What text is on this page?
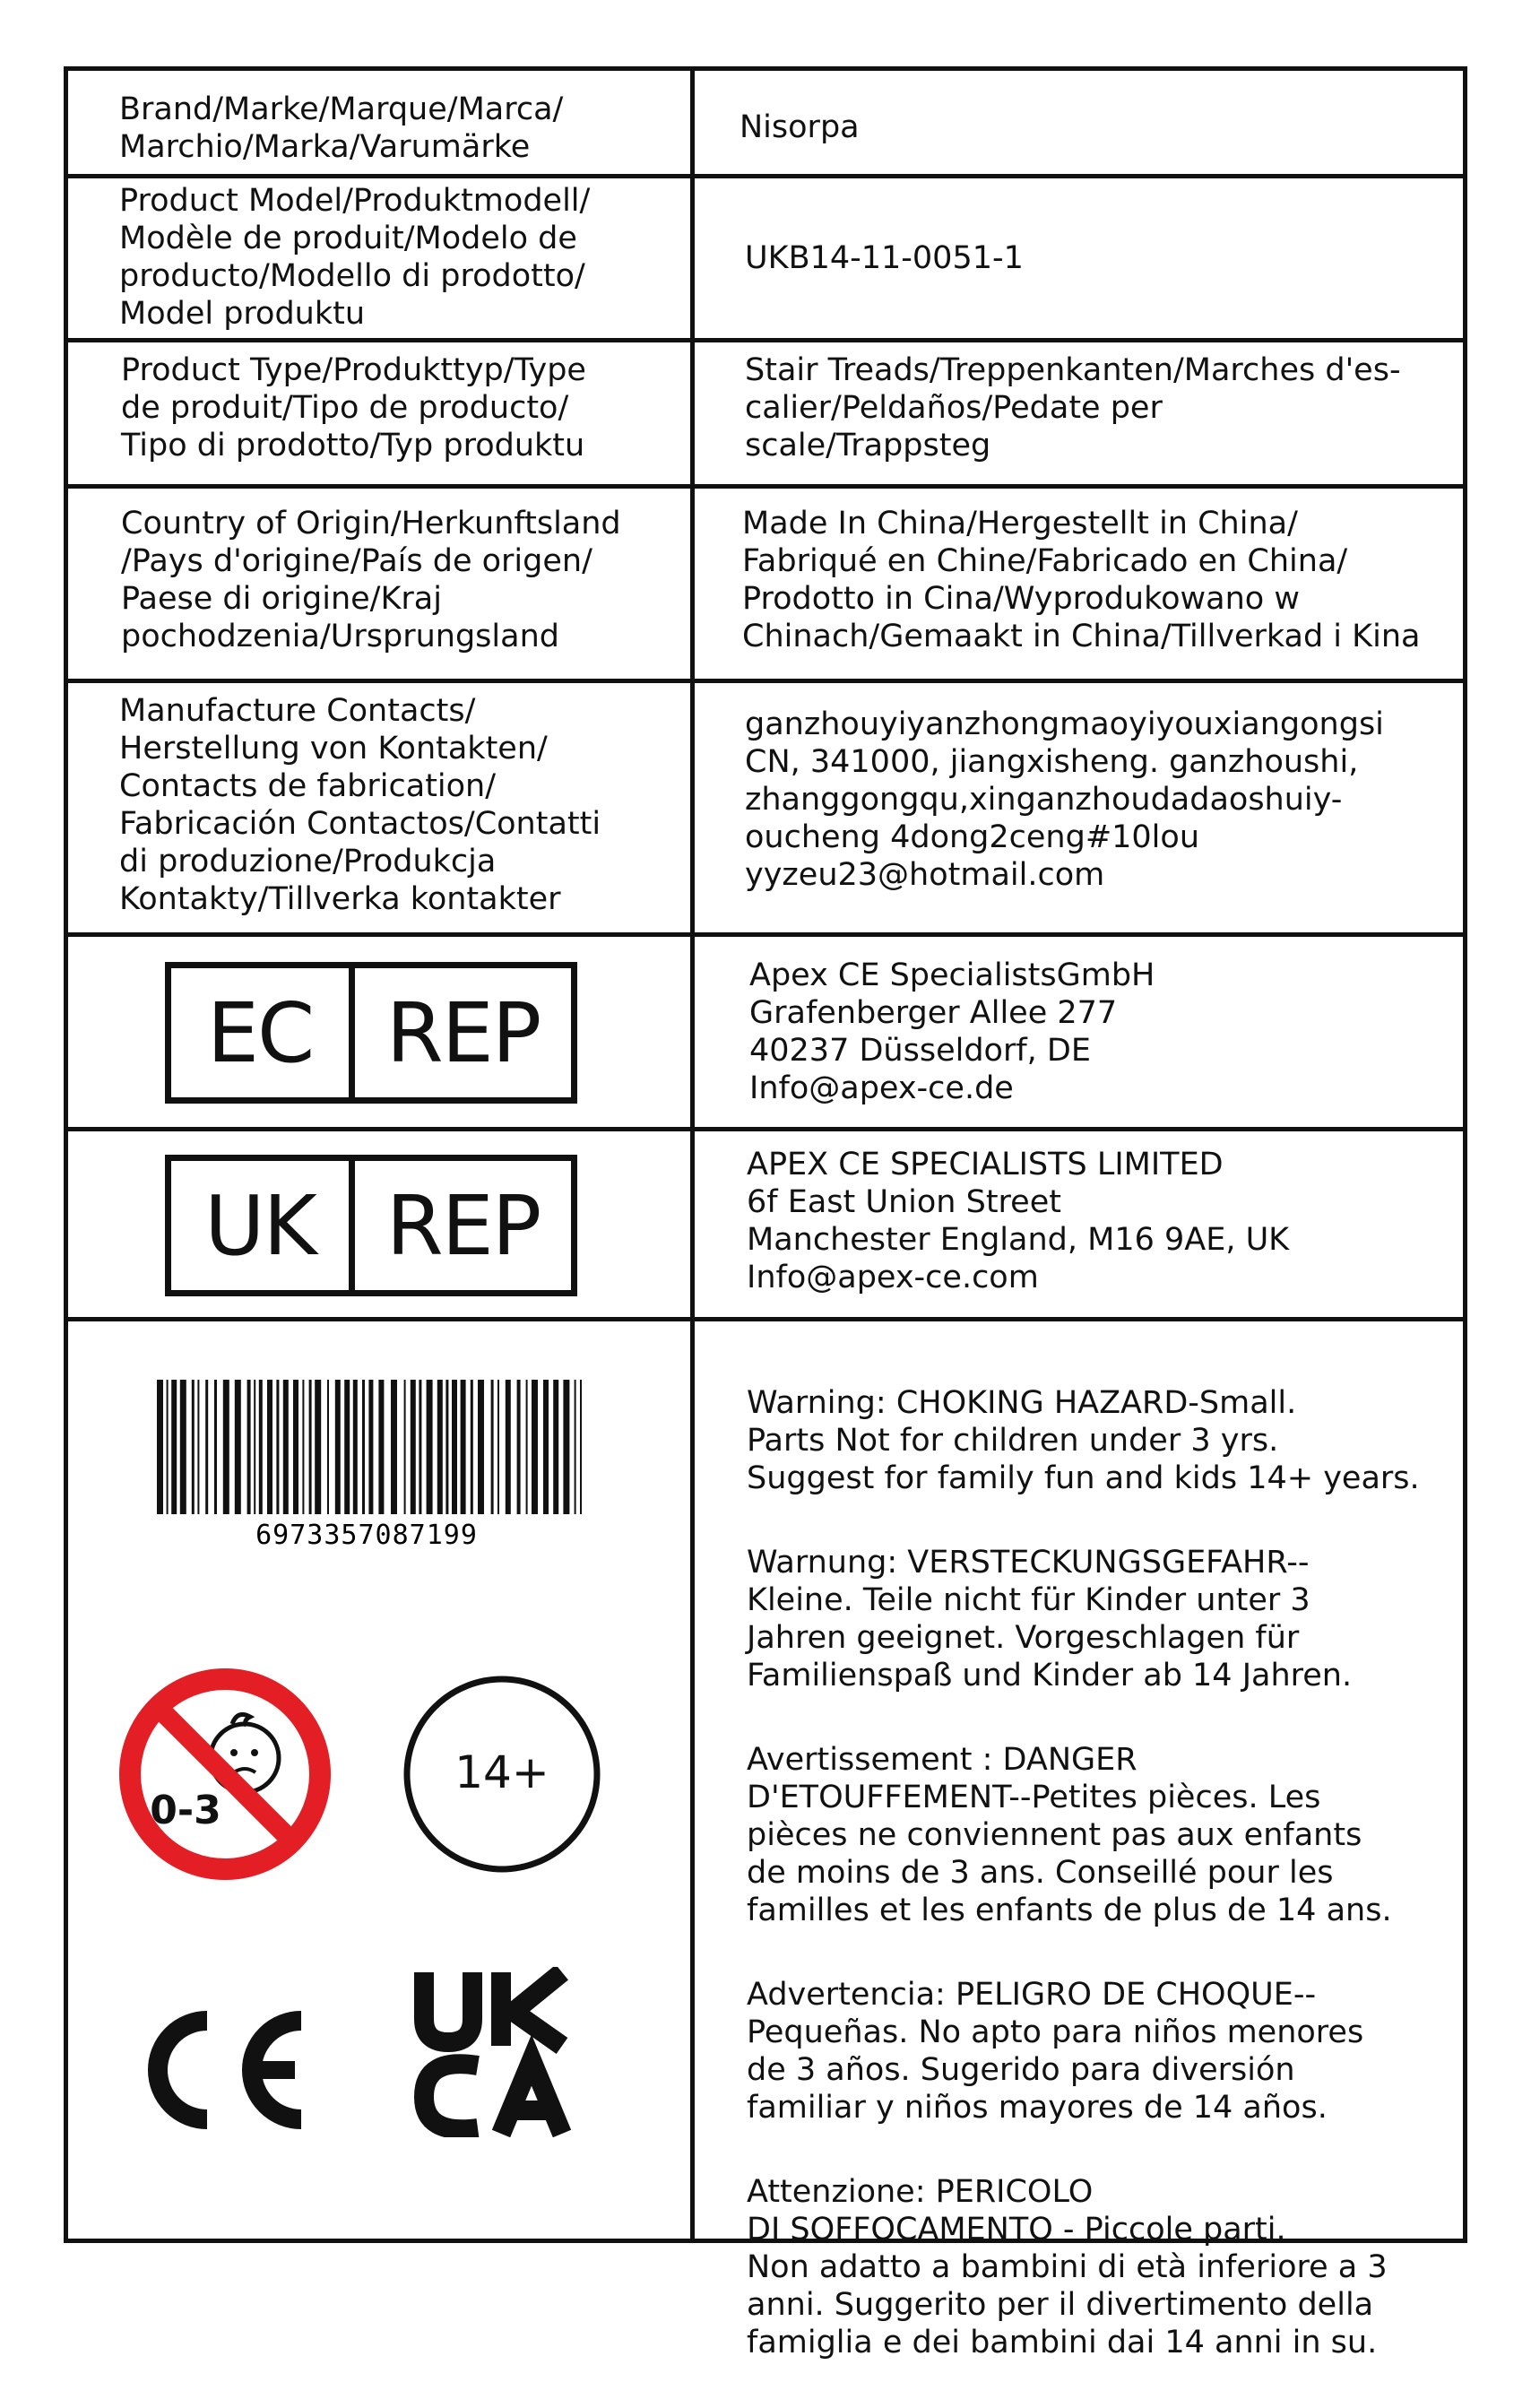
Brand/Marke/Marque/Marca/
Marchio/Marka/Varumärke
Nisorpa
Product Model/Produktmodell/
Modèle de produit/Modelo de
producto/Modello di prodotto/
Model produktu
UKB14-11-0051-1
Product Type/Produkttyp/Type
de produit/Tipo de producto/
Tipo di prodotto/Typ produktu
Stair Treads/Treppenkanten/Marches d'es-
calier/Peldaños/Pedate per
scale/Trappsteg
Country of Origin/Herkunftsland
/Pays d'origine/País de origen/
Paese di origine/Kraj
pochodzenia/Ursprungsland
Made In China/Hergestellt in China/
Fabriqué en Chine/Fabricado en China/
Prodotto in Cina/Wyprodukowano w
Chinach/Gemaakt in China/Tillverkad i Kina
Manufacture Contacts/
Herstellung von Kontakten/
Contacts de fabrication/
Fabricación Contactos/Contatti
di produzione/Produkcja
Kontakty/Tillverka kontakter
ganzhouyiyanzhongmaoyiyouxiangongsi
CN, 341000, jiangxisheng. ganzhoushi,
zhanggongqu,xinganzhoudadaoshuiy-
oucheng 4dong2ceng#10lou
yyzeu23@hotmail.com
EC REP
Apex CE SpecialistsGmbH
Grafenberger Allee 277
40237 Düsseldorf, DE
Info@apex-ce.de
UK REP
APEX CE SPECIALISTS LIMITED
6f East Union Street
Manchester England, M16 9AE, UK
Info@apex-ce.com
6973357087199
0-3
14+

Warning: CHOKING HAZARD-Small.
Parts Not for children under 3 yrs.
Suggest for family fun and kids 14+ years.

Warnung: VERSTECKUNGSGEFAHR--
Kleine. Teile nicht für Kinder unter 3
Jahren geeignet. Vorgeschlagen für
Familienspaß und Kinder ab 14 Jahren.

Avertissement : DANGER
D'ETOUFFEMENT--Petites pièces. Les
pièces ne conviennent pas aux enfants
de moins de 3 ans. Conseillé pour les
familles et les enfants de plus de 14 ans.

Advertencia: PELIGRO DE CHOQUE--
Pequeñas. No apto para niños menores
de 3 años. Sugerido para diversión
familiar y niños mayores de 14 años.

Attenzione: PERICOLO
DI SOFFOCAMENTO - Piccole parti.
Non adatto a bambini di età inferiore a 3
anni. Suggerito per il divertimento della
famiglia e dei bambini dai 14 anni in su.
